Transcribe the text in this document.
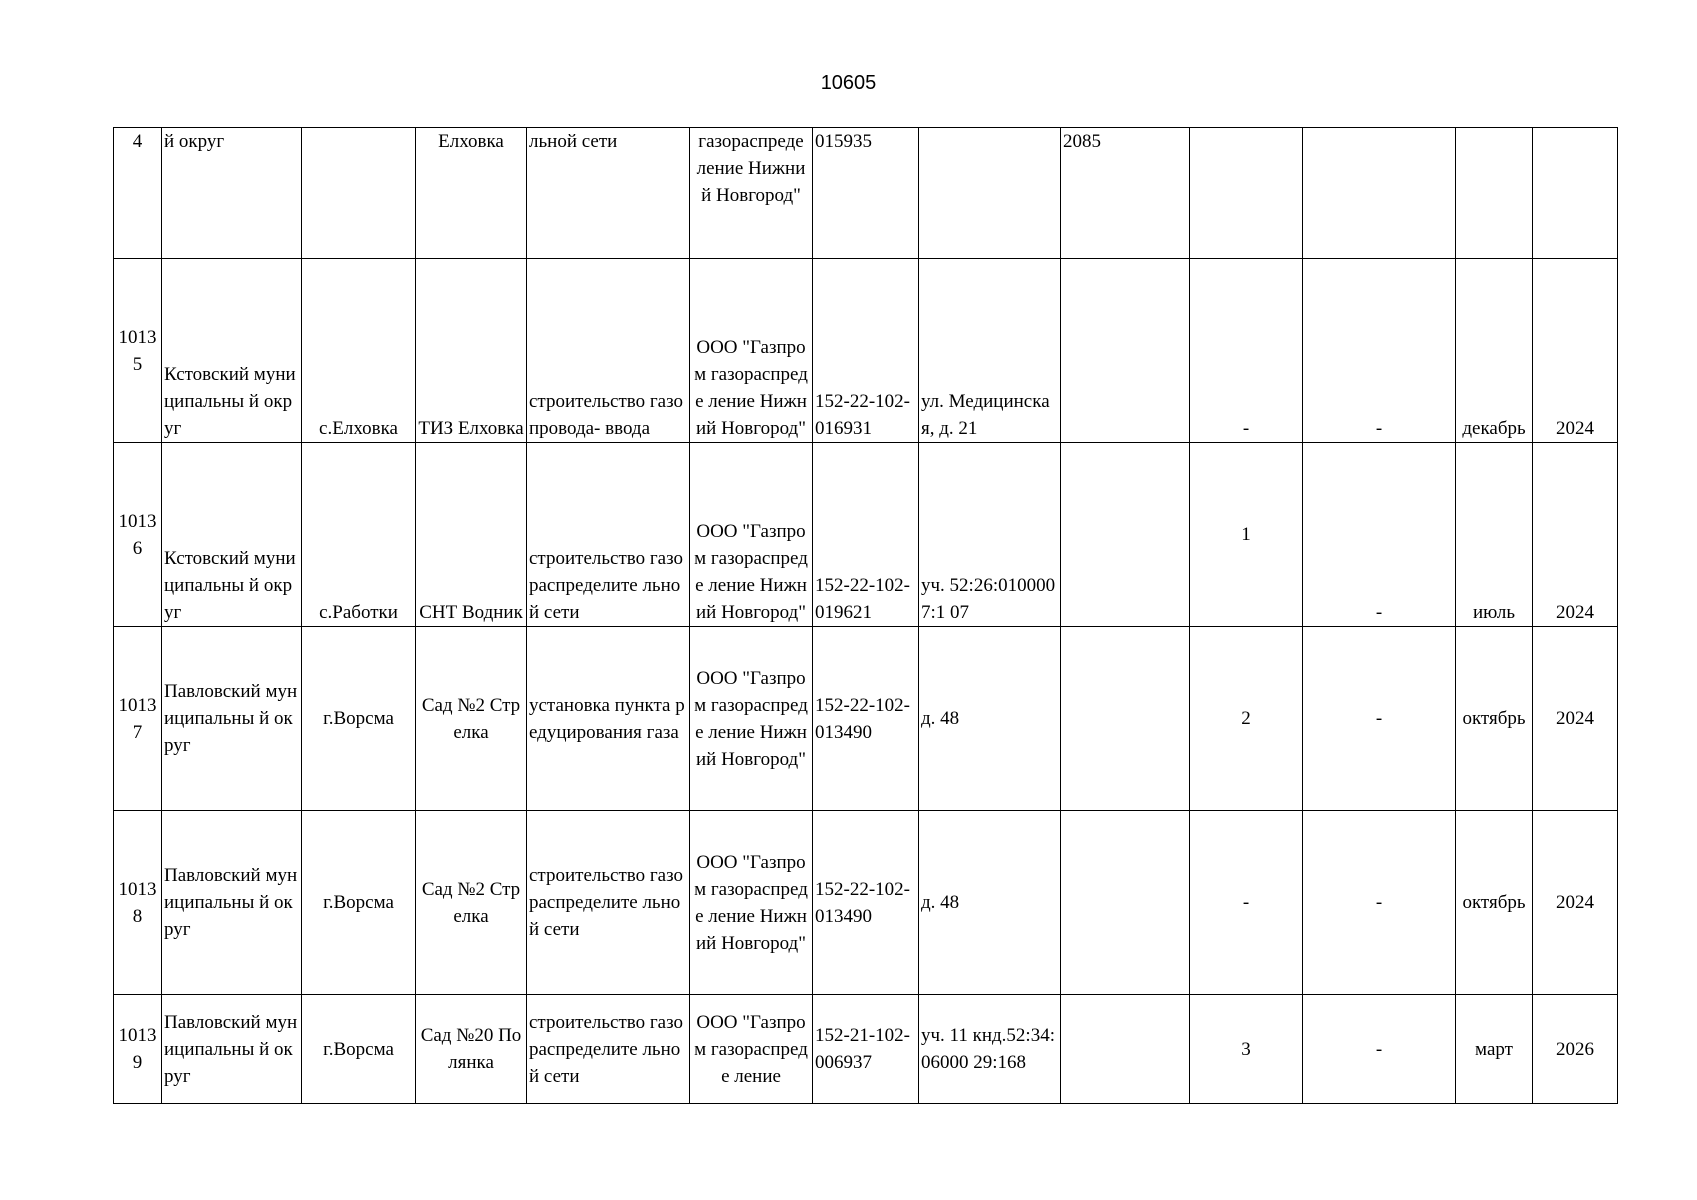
10605
4	й округ		Елховка	льной сети	газораспреде ление Нижний Новгород"	015935		2085				
10135	Кстовский муниципальны й округ	с.Елховка	ТИЗ Елховка	строительство газопровода- ввода	ООО "Газпром газораспреде ление Нижний Новгород"	152-22-102- 016931	ул. Медицинская, д. 21		-	-	декабрь	2024
10136	Кстовский муниципальны й округ	с.Работки	СНТ Водник	строительство газораспределите льной сети	ООО "Газпром газораспреде ление Нижний Новгород"	152-22-102- 019621	уч. 52:26:0100007:1 07		1	-	июль	2024
10137	Павловский муниципальны й округ	г.Ворсма	Сад №2 Стрелка	установка пункта редуцирования газа	ООО "Газпром газораспреде ление Нижний Новгород"	152-22-102- 013490	д. 48		2	-	октябрь	2024
10138	Павловский муниципальны й округ	г.Ворсма	Сад №2 Стрелка	строительство газораспределите льной сети	ООО "Газпром газораспреде ление Нижний Новгород"	152-22-102- 013490	д. 48		-	-	октябрь	2024
10139	Павловский муниципальны й округ	г.Ворсма	Сад №20 Полянка	строительство газораспределите льной сети	ООО "Газпром газораспреде ление	152-21-102- 006937	уч. 11 кнд.52:34:06000 29:168		3	-	март	2026
